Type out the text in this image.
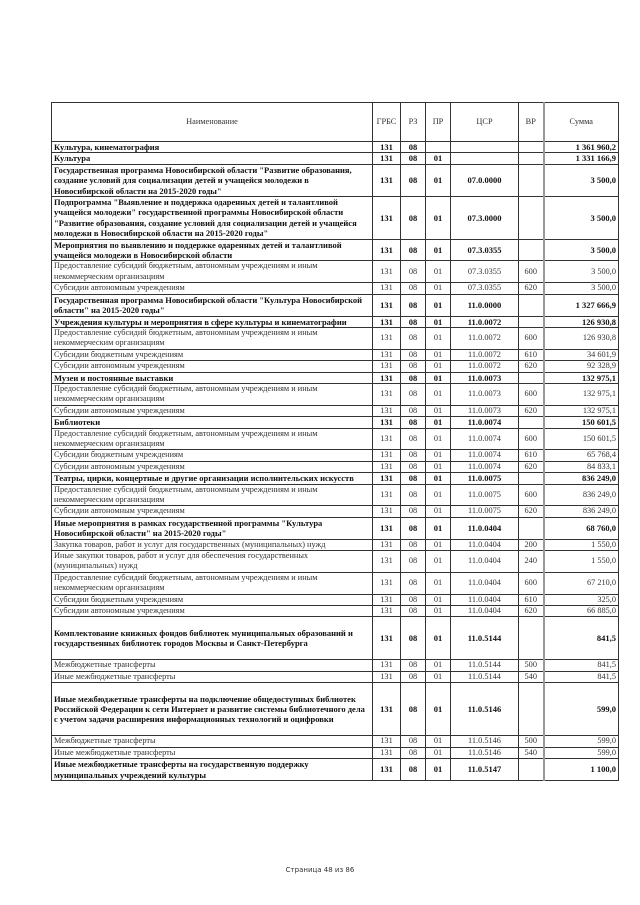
Наименование	ГРБС	РЗ	ПР	ЦСР	ВР	Сумма
Культура, кинематография	131	08				1 361 960,2
Культура	131	08	01			1 331 166,9
Государственная программа Новосибирской области "Развитие образования, создание условий для социализации детей и учащейся молодежи в Новосибирской области на 2015-2020 годы"	131	08	01	07.0.0000		3 500,0
Подпрограмма "Выявление и поддержка одаренных детей и талантливой учащейся молодежи" государственной программы Новосибирской области "Развитие образования, создание условий для социализации детей и учащейся молодежи в Новосибирской области на 2015-2020 годы"	131	08	01	07.3.0000		3 500,0
Мероприятия по выявлению и поддержке одаренных детей и талантливой учащейся молодежи в Новосибирской области	131	08	01	07.3.0355		3 500,0
Предоставление субсидий бюджетным, автономным учреждениям и иным некоммерческим организациям	131	08	01	07.3.0355	600	3 500,0
Субсидии автономным учреждениям	131	08	01	07.3.0355	620	3 500,0
Государственная программа Новосибирской области "Культура Новосибирской области" на 2015-2020 годы"	131	08	01	11.0.0000		1 327 666,9
Учреждения культуры и мероприятия в сфере культуры и кинематографии	131	08	01	11.0.0072		126 930,8
Предоставление субсидий бюджетным, автономным учреждениям и иным некоммерческим организациям	131	08	01	11.0.0072	600	126 930,8
Субсидии бюджетным учреждениям	131	08	01	11.0.0072	610	34 601,9
Субсидии автономным учреждениям	131	08	01	11.0.0072	620	92 328,9
Музеи и постоянные выставки	131	08	01	11.0.0073		132 975,1
Предоставление субсидий бюджетным, автономным учреждениям и иным некоммерческим организациям	131	08	01	11.0.0073	600	132 975,1
Субсидии автономным учреждениям	131	08	01	11.0.0073	620	132 975,1
Библиотеки	131	08	01	11.0.0074		150 601,5
Предоставление субсидий бюджетным, автономным учреждениям и иным некоммерческим организациям	131	08	01	11.0.0074	600	150 601,5
Субсидии бюджетным учреждениям	131	08	01	11.0.0074	610	65 768,4
Субсидии автономным учреждениям	131	08	01	11.0.0074	620	84 833,1
Театры, цирки, концертные и другие организации исполнительских искусств	131	08	01	11.0.0075		836 249,0
Предоставление субсидий бюджетным, автономным учреждениям и иным некоммерческим организациям	131	08	01	11.0.0075	600	836 249,0
Субсидии автономным учреждениям	131	08	01	11.0.0075	620	836 249,0
Иные мероприятия в рамках государственной программы "Культура Новосибирской области" на 2015-2020 годы"	131	08	01	11.0.0404		68 760,0
Закупка товаров, работ и услуг для государственных (муниципальных) нужд	131	08	01	11.0.0404	200	1 550,0
Иные закупки товаров, работ и услуг для обеспечения государственных (муниципальных) нужд	131	08	01	11.0.0404	240	1 550,0
Предоставление субсидий бюджетным, автономным учреждениям и иным некоммерческим организациям	131	08	01	11.0.0404	600	67 210,0
Субсидии бюджетным учреждениям	131	08	01	11.0.0404	610	325,0
Субсидии автономным учреждениям	131	08	01	11.0.0404	620	66 885,0
Комплектование книжных фондов библиотек муниципальных образований и государственных библиотек городов Москвы и Санкт-Петербурга	131	08	01	11.0.5144		841,5
Межбюджетные трансферты	131	08	01	11.0.5144	500	841,5
Иные межбюджетные трансферты	131	08	01	11.0.5144	540	841,5
Иные межбюджетные трансферты на подключение общедоступных библиотек Российской Федерации к сети Интернет и развитие системы библиотечного дела с учетом задачи расширения информационных технологий и оцифровки	131	08	01	11.0.5146		599,0
Межбюджетные трансферты	131	08	01	11.0.5146	500	599,0
Иные межбюджетные трансферты	131	08	01	11.0.5146	540	599,0
Иные межбюджетные трансферты на государственную поддержку муниципальных учреждений культуры	131	08	01	11.0.5147		1 100,0
Страница 48 из 86
